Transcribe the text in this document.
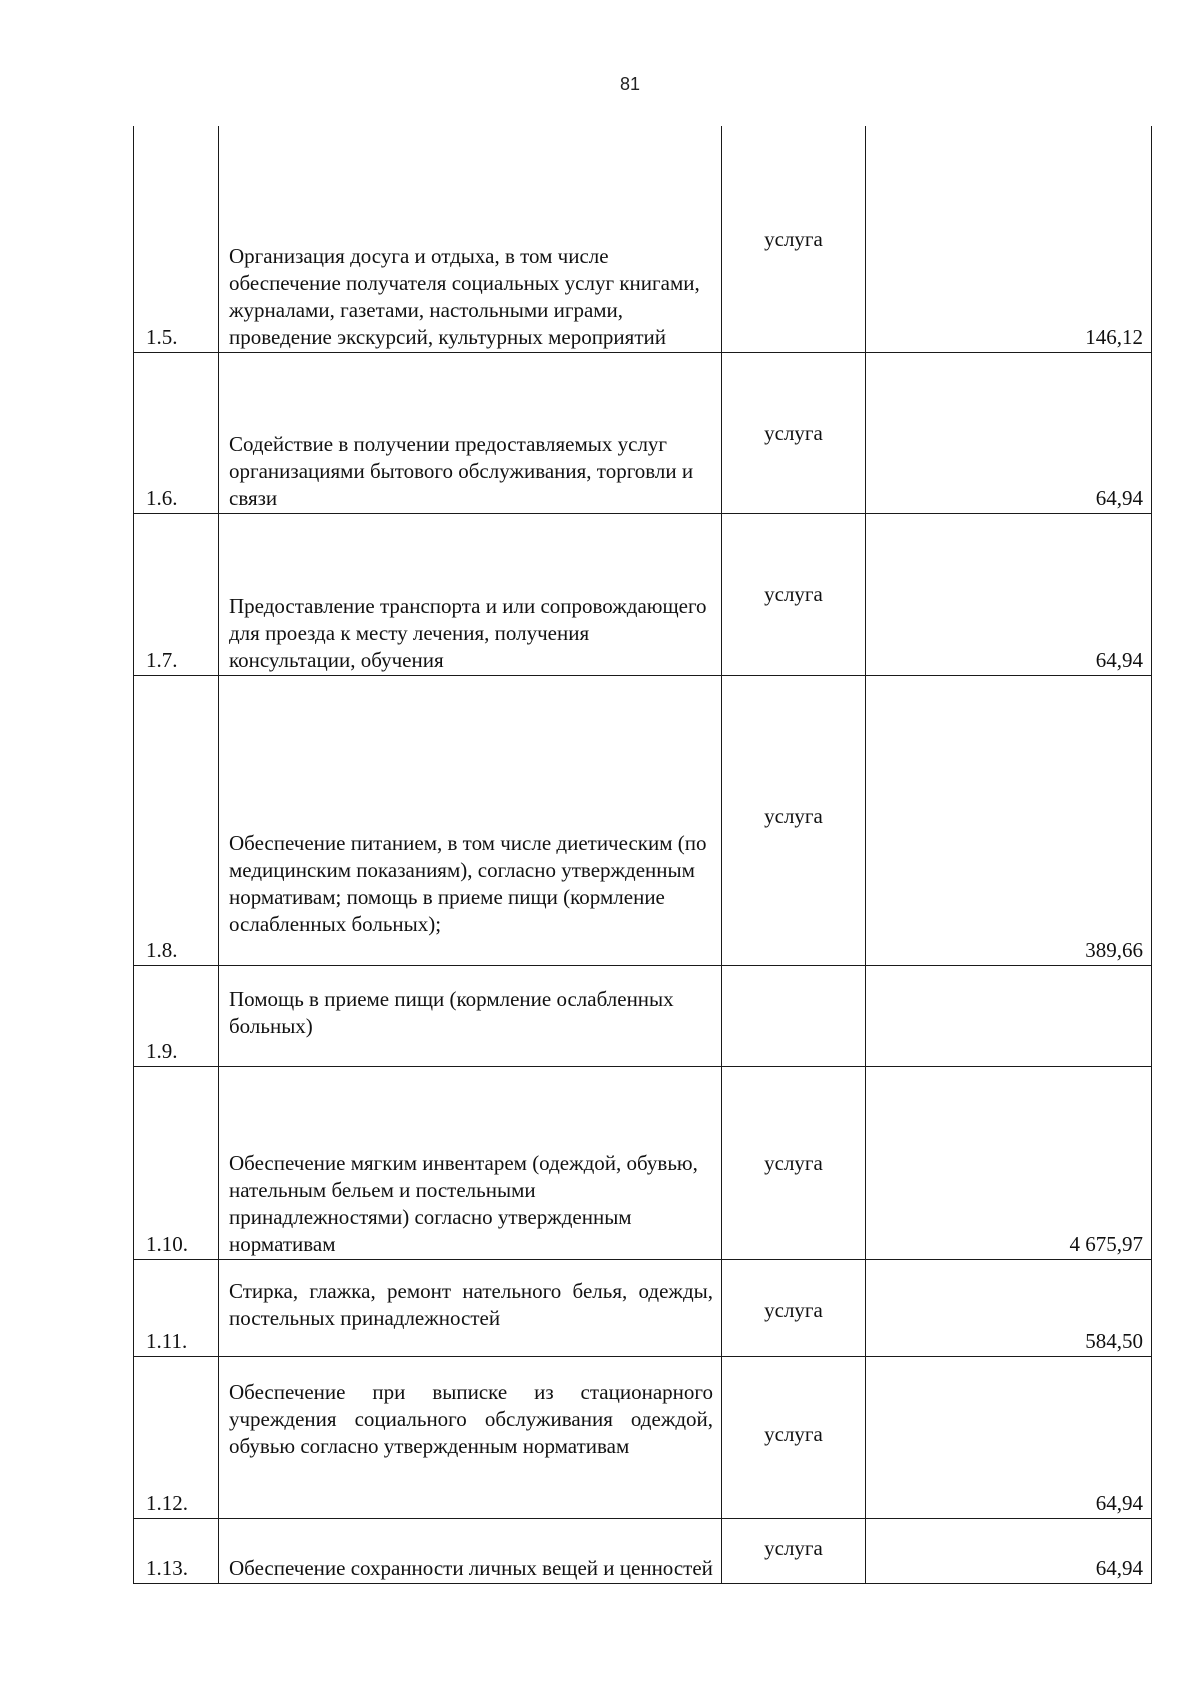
81
1.5.	Организация досуга и отдыха, в том числе обеспечение получателя социальных услуг книгами, журналами, газетами, настольными играми, проведение экскурсий, культурных мероприятий	услуга	146,12
1.6.	Содействие в получении предоставляемых услуг организациями бытового обслуживания, торговли и связи	услуга	64,94
1.7.	Предоставление транспорта и или сопровождающего для проезда к месту лечения, получения консультации, обучения	услуга	64,94
1.8.	Обеспечение питанием, в том числе диетическим (по медицинским показаниям), согласно утвержденным нормативам; помощь в приеме пищи (кормление ослабленных больных);	услуга	389,66
1.9.	Помощь в приеме пищи (кормление ослабленных больных)	

1.10.	Обеспечение мягким инвентарем (одеждой, обувью, нательным бельем и постельными принадлежностями) согласно утвержденным нормативам	услуга	4 675,97
1.11.	Стирка, глажка, ремонт нательного белья, одежды, постельных принадлежностей	услуга	584,50
1.12.	Обеспечение при выписке из стационарного учреждения социального обслуживания одеждой, обувью согласно утвержденным нормативам	услуга	64,94
1.13.	Обеспечение сохранности личных вещей и ценностей	услуга	64,94
